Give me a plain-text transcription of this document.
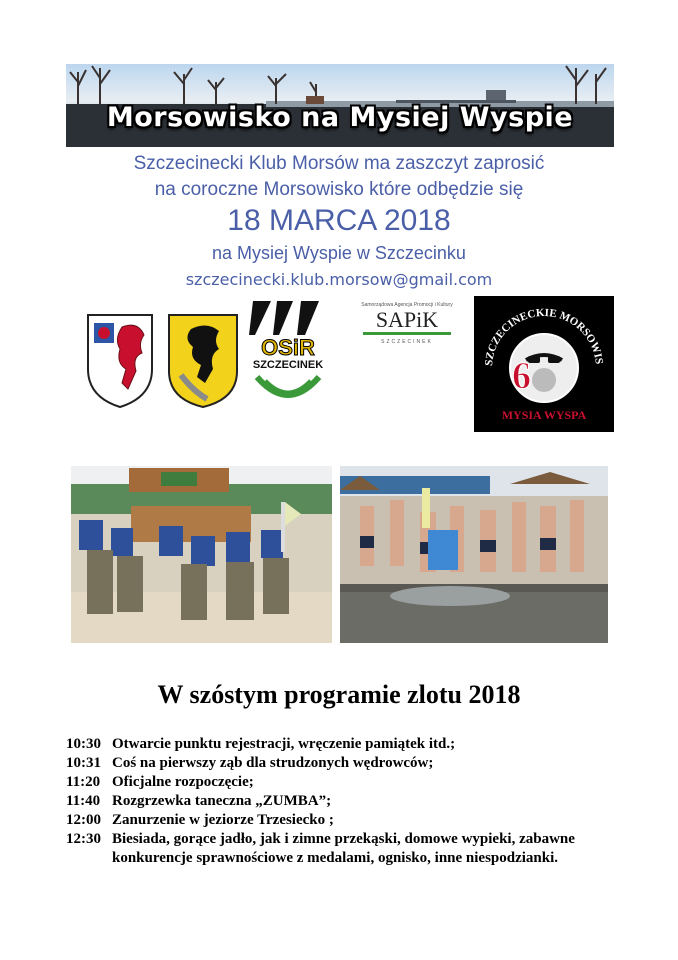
Morsowisko na Mysiej Wyspie
Szczecinecki Klub Morsów ma zaszczyt zaprosić
na coroczne Morsowisko które odbędzie się
18 MARCA 2018
na Mysiej Wyspie w Szczecinku
szczecinecki.klub.morsow@gmail.com
OSiR
SZCZECINEK
Samorządowa Agencja Promocji i Kultury
SAPiK
SZCZECINEK
SZCZECINECKIE MORSOWIS
6
MYSIA WYSPA
W szóstym programie zlotu 2018
10:30 Otwarcie punktu rejestracji, wręczenie pamiątek itd.;
10:31 Coś na pierwszy ząb dla strudzonych wędrowców;
11:20 Oficjalne rozpoczęcie;
11:40 Rozgrzewka taneczna „ZUMBA”;
12:00 Zanurzenie w jeziorze Trzesiecko ;
12:30 Biesiada, gorące jadło, jak i zimne przekąski, domowe wypieki, zabawne konkurencje sprawnościowe z medalami, ognisko, inne niespodzianki.
